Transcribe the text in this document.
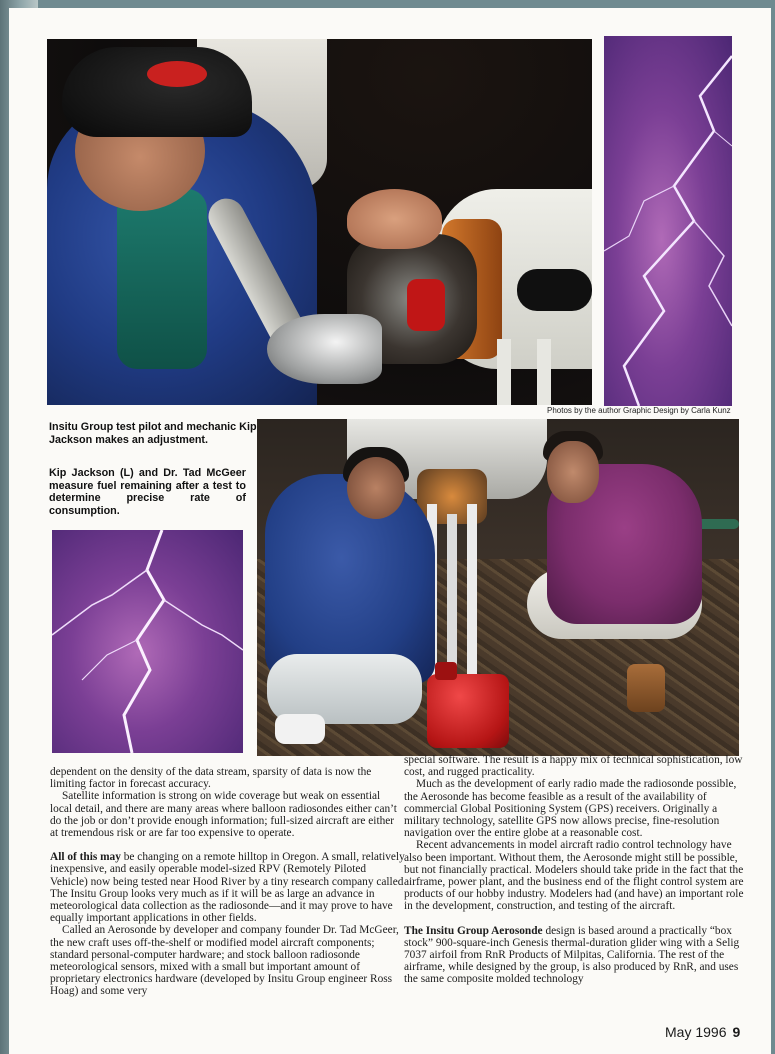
Photos by the author Graphic Design by Carla Kunz
Insitu Group test pilot and mechanic Kip Jackson makes an adjustment.
Kip Jackson (L) and Dr. Tad McGeer measure fuel remaining after a test to determine precise rate of consumption.

dependent on the density of the data stream, sparsity of data is now the limiting factor in forecast accuracy.

Satellite information is strong on wide coverage but weak on essential local detail, and there are many areas where balloon radiosondes either can’t do the job or don’t provide enough information; full-sized aircraft are either at tremendous risk or are far too expensive to operate.

All of this may be changing on a remote hilltop in Oregon. A small, relatively inexpensive, and easily operable model-sized RPV (Remotely Piloted Vehicle) now being tested near Hood River by a tiny research company called The Insitu Group looks very much as if it will be as large an advance in meteorological data collection as the radiosonde—and it may prove to have equally important applications in other fields.

Called an Aerosonde by developer and company founder Dr. Tad McGeer, the new craft uses off-the-shelf or modified model aircraft components; standard personal-computer hardware; and stock balloon radiosonde meteorological sensors, mixed with a small but important amount of proprietary electronics hardware (developed by Insitu Group engineer Ross Hoag) and some very

special software. The result is a happy mix of technical sophistication, low cost, and rugged practicality.

Much as the development of early radio made the radiosonde possible, the Aerosonde has become feasible as a result of the availability of commercial Global Positioning System (GPS) receivers. Originally a military technology, satellite GPS now allows precise, fine-resolution navigation over the entire globe at a reasonable cost.

Recent advancements in model aircraft radio control technology have also been important. Without them, the Aerosonde might still be possible, but not financially practical. Modelers should take pride in the fact that the airframe, power plant, and the business end of the flight control system are products of our hobby industry. Modelers had (and have) an important role in the development, construction, and testing of the aircraft.

The Insitu Group Aerosonde design is based around a practically “box stock” 900-square-inch Genesis thermal-duration glider wing with a Selig 7037 airfoil from RnR Products of Milpitas, California. The rest of the airframe, while designed by the group, is also produced by RnR, and uses the same composite molded technology

May 1996 9
